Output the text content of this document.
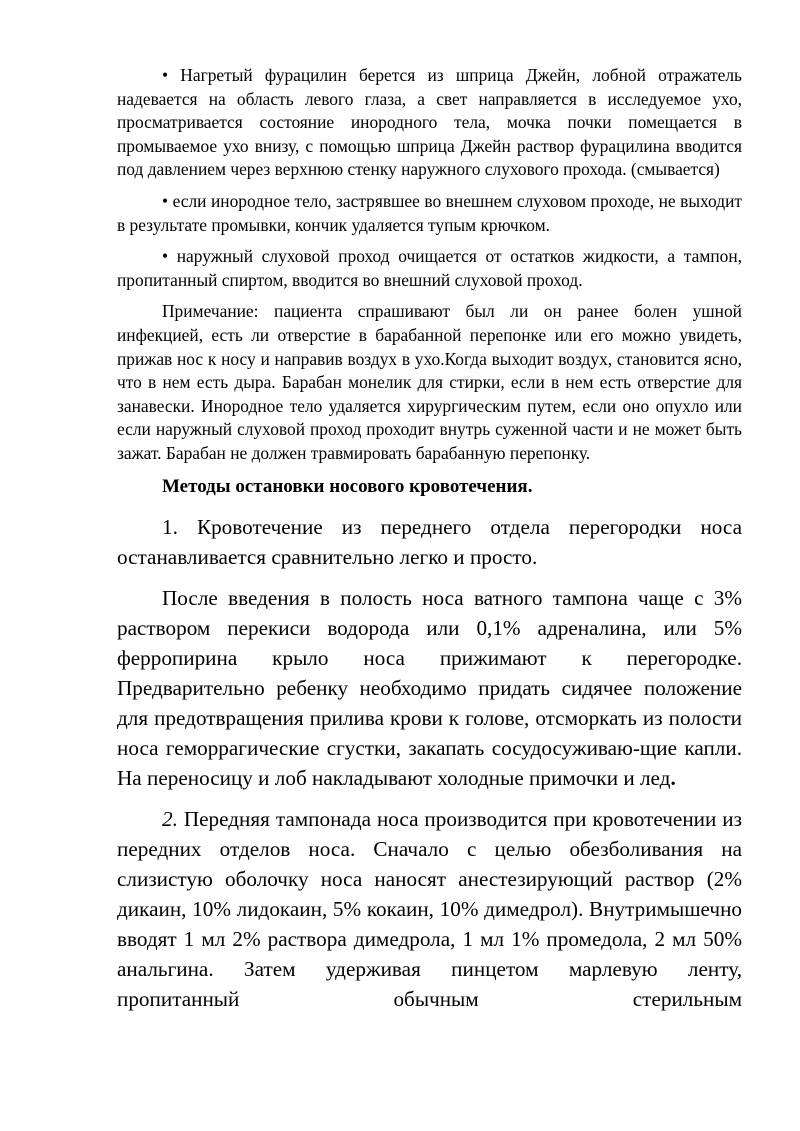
• Нагретый фурацилин берется из шприца Джейн, лобной отражатель надевается на область левого глаза, а свет направляется в исследуемое ухо, просматривается состояние инородного тела, мочка почки помещается в промываемое ухо внизу, с помощью шприца Джейн раствор фурацилина вводится под давлением через верхнюю стенку наружного слухового прохода. (смывается)

• если инородное тело, застрявшее во внешнем слуховом проходе, не выходит в результате промывки, кончик удаляется тупым крючком.

• наружный слуховой проход очищается от остатков жидкости, а тампон, пропитанный спиртом, вводится во внешний слуховой проход.

Примечание: пациента спрашивают был ли он ранее болен ушной инфекцией, есть ли отверстие в барабанной перепонке или его можно увидеть, прижав нос к носу и направив воздух в ухо.Когда выходит воздух, становится ясно, что в нем есть дыра. Барабан монелик для стирки, если в нем есть отверстие для занавески. Инородное тело удаляется хирургическим путем, если оно опухло или если наружный слуховой проход проходит внутрь суженной части и не может быть зажат. Барабан не должен травмировать барабанную перепонку.

Методы остановки носового кровотечения.

1. Кровотечение из переднего отдела перегородки носа останавливается сравнительно легко и просто.

После введения в полость носа ватного тампона чаще с 3% раствором перекиси водорода или 0,1% адреналина, или 5% ферропирина крыло носа прижимают к перегородке. Предварительно ребенку необходимо придать сидячее положение для предотвращения прилива крови к голове, отсморкать из полости носа геморрагические сгустки, закапать сосудосуживаю-щие капли. На переносицу и лоб накладывают холодные примочки и лед.

2. Передняя тампонада носа производится при кровотечении из передних отделов носа. Сначало с целью обезболивания на слизистую оболочку носа наносят анестезирующий раствор (2% дикаин, 10% лидокаин, 5% кокаин, 10% димедрол). Внутримышечно вводят 1 мл 2% раствора димедрола, 1 мл 1% промедола, 2 мл 50% анальгина. Затем удерживая пинцетом марлевую ленту, пропитанный обычным стерильным
